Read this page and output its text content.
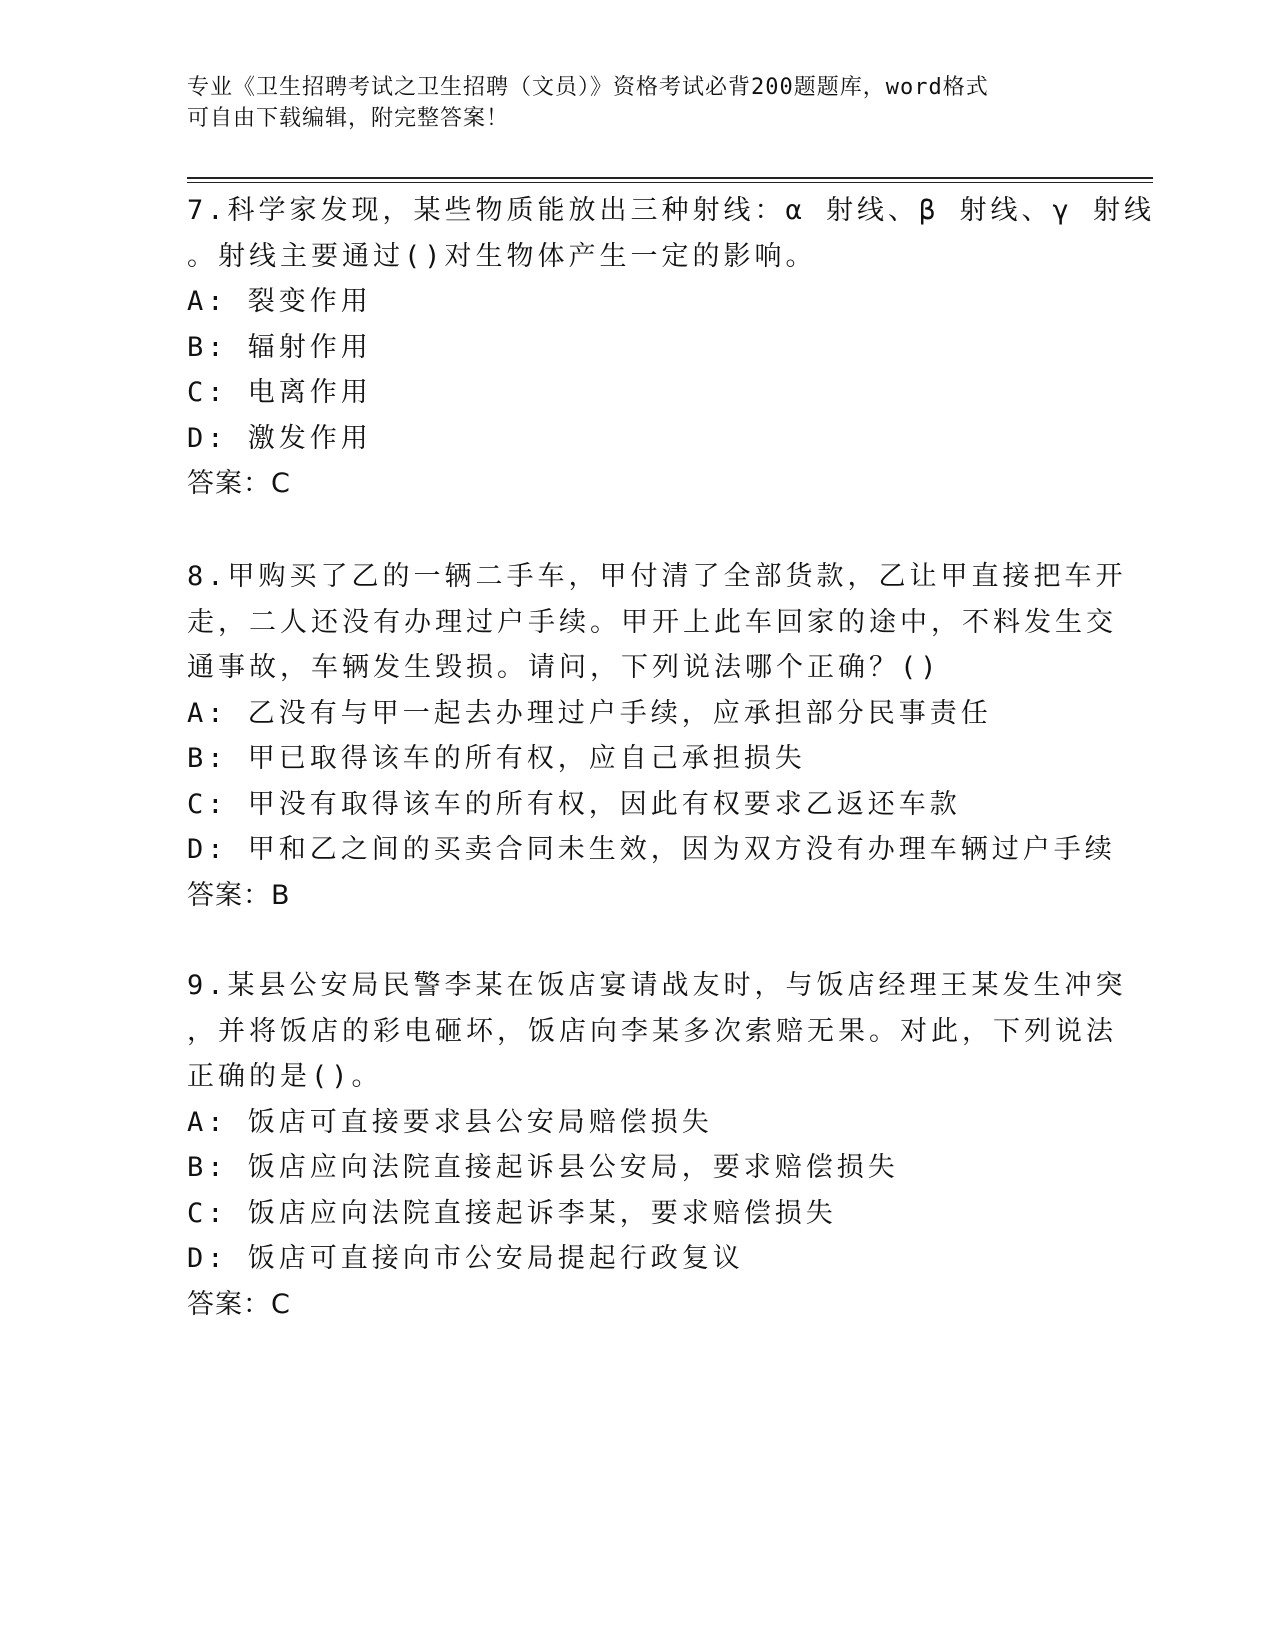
专业《卫生招聘考试之卫生招聘（文员）》资格考试必背200题题库，word格式
可自由下载编辑，附完整答案！
7.科学家发现，某些物质能放出三种射线：α 射线、β 射线、γ 射线
。射线主要通过()对生物体产生一定的影响。
A: 裂变作用
B: 辐射作用
C: 电离作用
D: 激发作用
答案：C
8.甲购买了乙的一辆二手车，甲付清了全部货款，乙让甲直接把车开
走，二人还没有办理过户手续。甲开上此车回家的途中，不料发生交
通事故，车辆发生毁损。请问，下列说法哪个正确？()
A: 乙没有与甲一起去办理过户手续，应承担部分民事责任
B: 甲已取得该车的所有权，应自己承担损失
C: 甲没有取得该车的所有权，因此有权要求乙返还车款
D: 甲和乙之间的买卖合同未生效，因为双方没有办理车辆过户手续
答案：B
9.某县公安局民警李某在饭店宴请战友时，与饭店经理王某发生冲突
，并将饭店的彩电砸坏，饭店向李某多次索赔无果。对此，下列说法
正确的是()。
A: 饭店可直接要求县公安局赔偿损失
B: 饭店应向法院直接起诉县公安局，要求赔偿损失
C: 饭店应向法院直接起诉李某，要求赔偿损失
D: 饭店可直接向市公安局提起行政复议
答案：C
